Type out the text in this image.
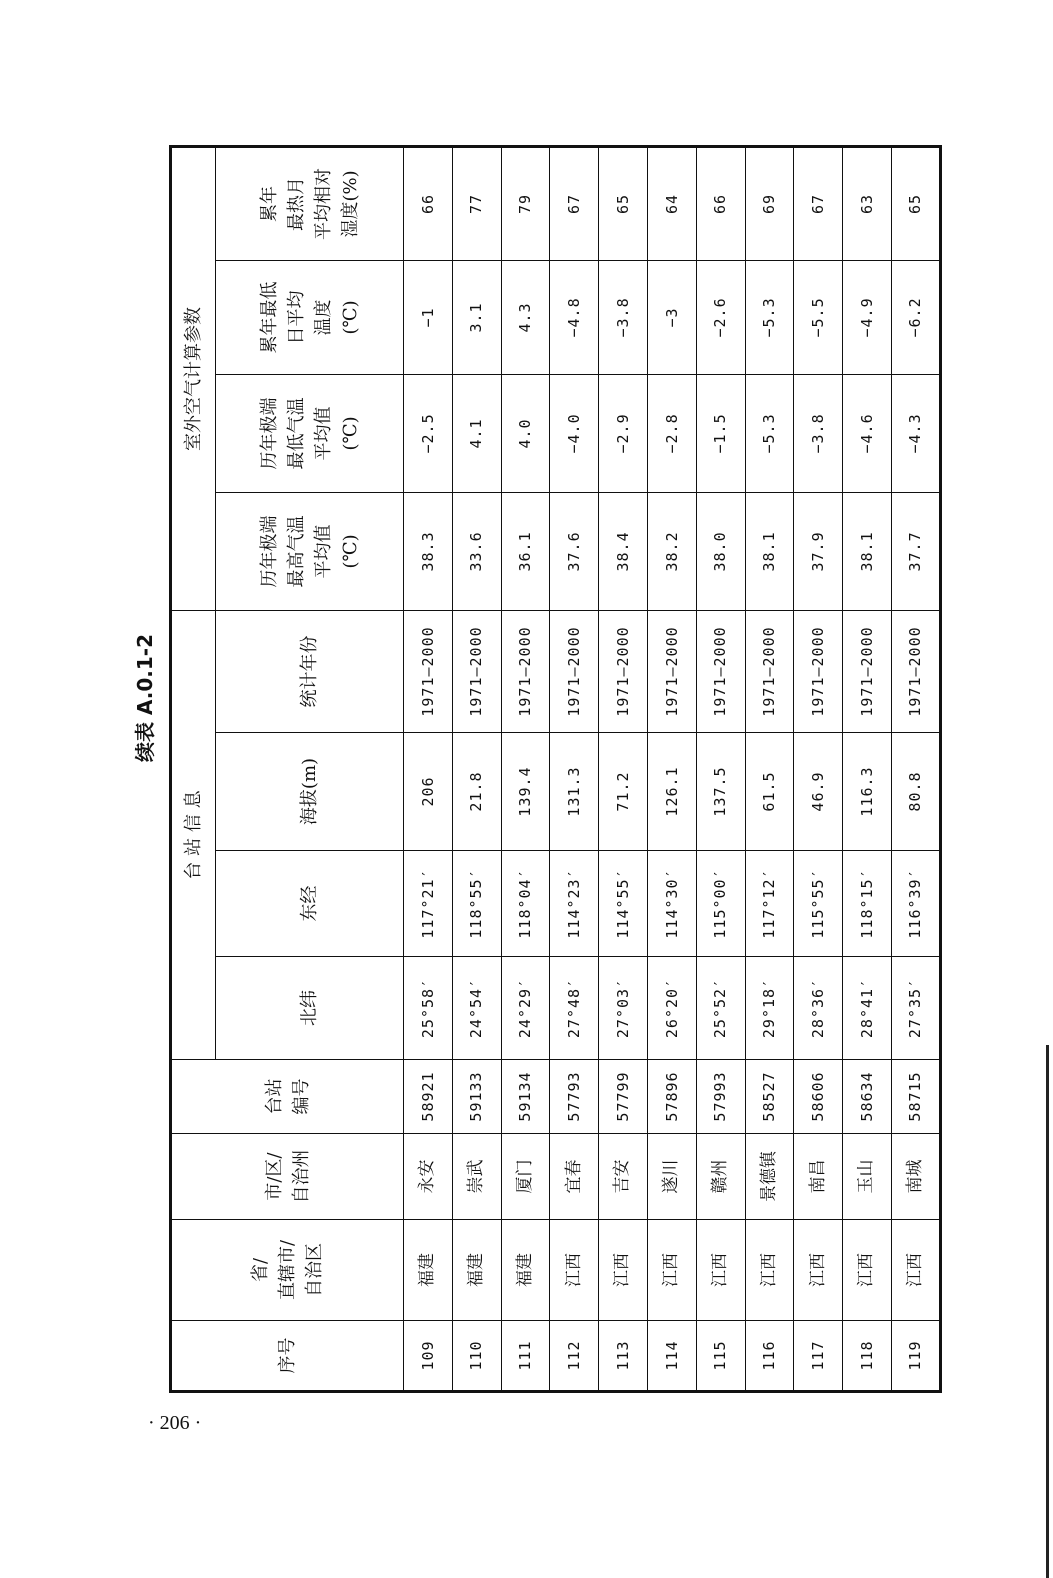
续表 A.0.1-2
序号	省/
直辖市/
自治区	市/区/
自治州	台站
编号	台 站 信 息				室外空气计算参数			
				北纬	东经	海拔(m)	统计年份	历年极端
最高气温
平均值
(℃)	历年极端
最低气温
平均值
(℃)	累年最低
日平均
温度
(℃)	累年
最热月
平均相对
湿度(%)
109	福建	永安	58921	25°58′	117°21′	206	1971—2000	38.3	−2.5	−1	66
110	福建	崇武	59133	24°54′	118°55′	21.8	1971—2000	33.6	4.1	3.1	77
111	福建	厦门	59134	24°29′	118°04′	139.4	1971—2000	36.1	4.0	4.3	79
112	江西	宜春	57793	27°48′	114°23′	131.3	1971—2000	37.6	−4.0	−4.8	67
113	江西	吉安	57799	27°03′	114°55′	71.2	1971—2000	38.4	−2.9	−3.8	65
114	江西	遂川	57896	26°20′	114°30′	126.1	1971—2000	38.2	−2.8	−3	64
115	江西	赣州	57993	25°52′	115°00′	137.5	1971—2000	38.0	−1.5	−2.6	66
116	江西	景德镇	58527	29°18′	117°12′	61.5	1971—2000	38.1	−5.3	−5.3	69
117	江西	南昌	58606	28°36′	115°55′	46.9	1971—2000	37.9	−3.8	−5.5	67
118	江西	玉山	58634	28°41′	118°15′	116.3	1971—2000	38.1	−4.6	−4.9	63
119	江西	南城	58715	27°35′	116°39′	80.8	1971—2000	37.7	−4.3	−6.2	65
· 206 ·
